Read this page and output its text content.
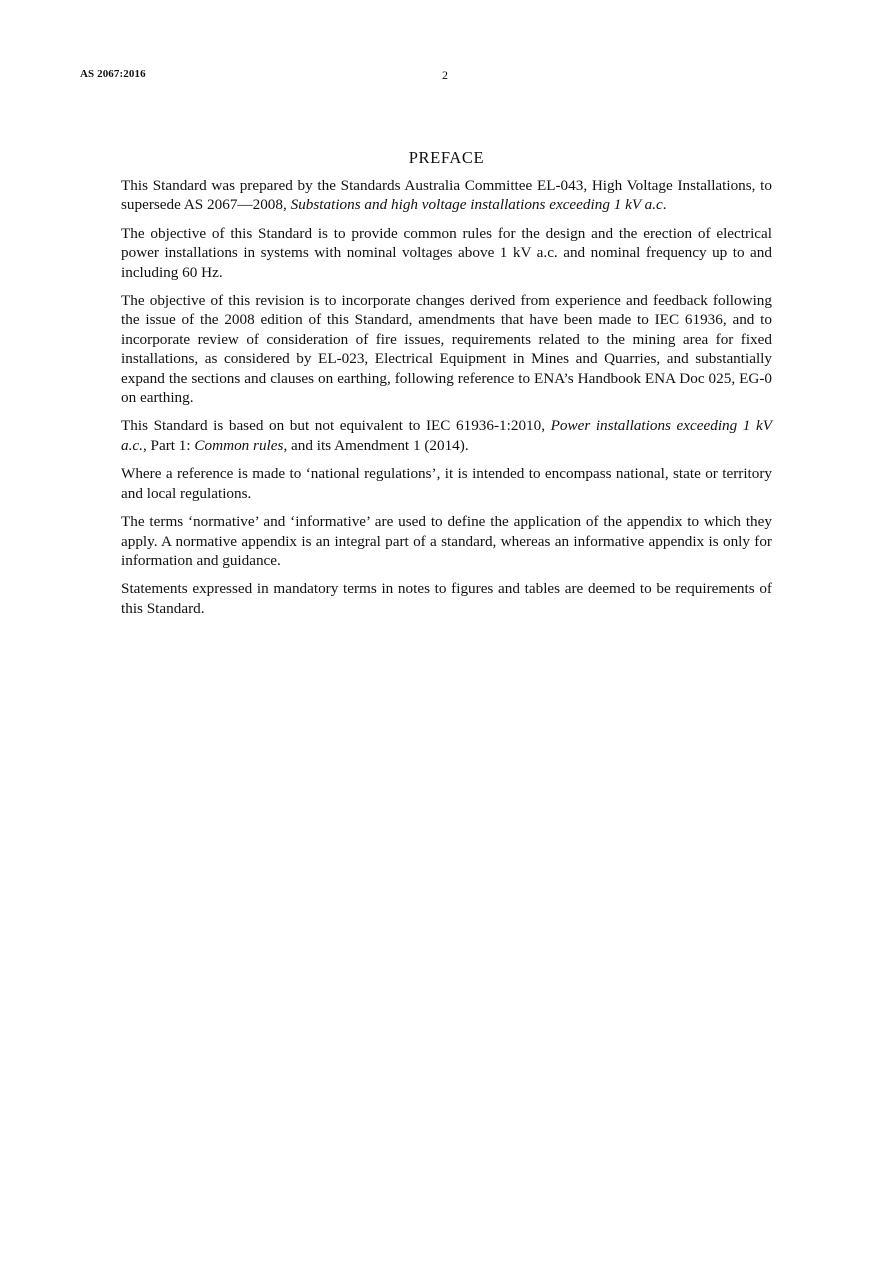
AS 2067:2016	2
PREFACE

This Standard was prepared by the Standards Australia Committee EL-043, High Voltage Installations, to supersede AS 2067—2008, Substations and high voltage installations exceeding 1 kV a.c.

The objective of this Standard is to provide common rules for the design and the erection of electrical power installations in systems with nominal voltages above 1 kV a.c. and nominal frequency up to and including 60 Hz.

The objective of this revision is to incorporate changes derived from experience and feedback following the issue of the 2008 edition of this Standard, amendments that have been made to IEC 61936, and to incorporate review of consideration of fire issues, requirements related to the mining area for fixed installations, as considered by EL-023, Electrical Equipment in Mines and Quarries, and substantially expand the sections and clauses on earthing, following reference to ENA’s Handbook ENA Doc 025, EG-0 on earthing.

This Standard is based on but not equivalent to IEC 61936-1:2010, Power installations exceeding 1 kV a.c., Part 1: Common rules, and its Amendment 1 (2014).

Where a reference is made to ‘national regulations’, it is intended to encompass national, state or territory and local regulations.

The terms ‘normative’ and ‘informative’ are used to define the application of the appendix to which they apply. A normative appendix is an integral part of a standard, whereas an informative appendix is only for information and guidance.

Statements expressed in mandatory terms in notes to figures and tables are deemed to be requirements of this Standard.
